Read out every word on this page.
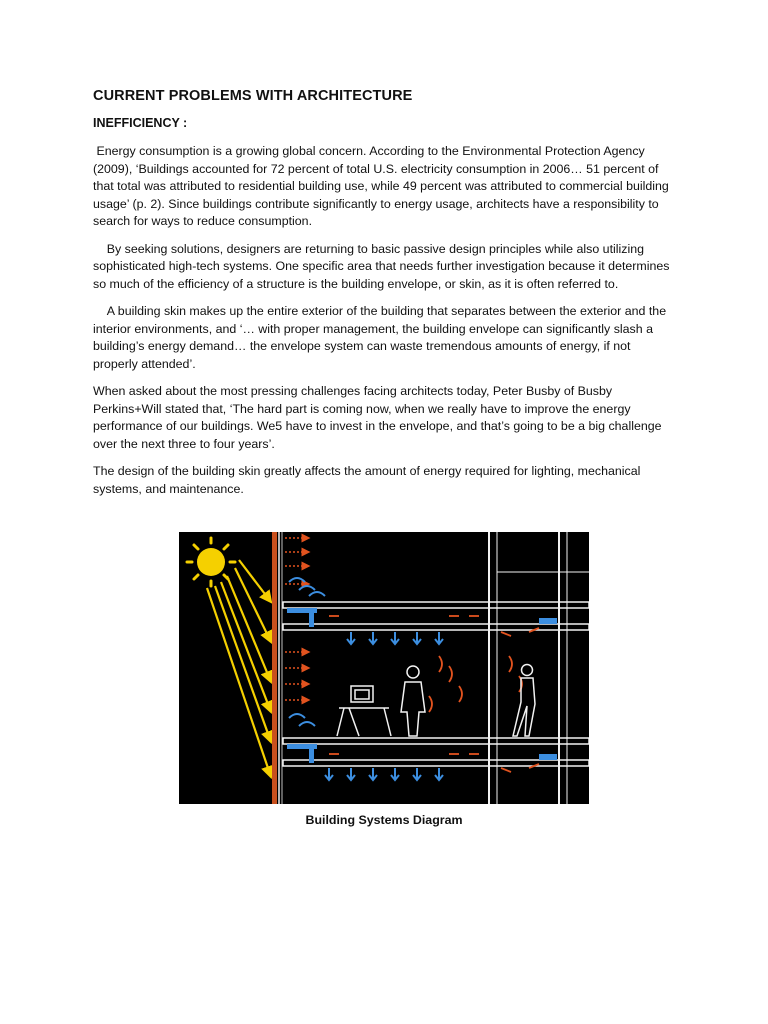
CURRENT PROBLEMS WITH ARCHITECTURE
INEFFICIENCY :

Energy consumption is a growing global concern. According to the Environmental Protection Agency (2009), ‘Buildings accounted for 72 percent of total U.S. electricity consumption in 2006… 51 percent of that total was attributed to residential building use, while 49 percent was attributed to commercial building usage’ (p. 2). Since buildings contribute significantly to energy usage, architects have a responsibility to search for ways to reduce consumption.

By seeking solutions, designers are returning to basic passive design principles while also utilizing sophisticated high-tech systems. One specific area that needs further investigation because it determines so much of the efficiency of a structure is the building envelope, or skin, as it is often referred to.

A building skin makes up the entire exterior of the building that separates between the exterior and the interior environments, and ‘… with proper management, the building envelope can significantly slash a building’s energy demand… the envelope system can waste tremendous amounts of energy, if not properly attended’.

When asked about the most pressing challenges facing architects today, Peter Busby of Busby Perkins+Will stated that, ‘The hard part is coming now, when we really have to improve the energy performance of our buildings. We5 have to invest in the envelope, and that’s going to be a big challenge over the next three to four years’.

The design of the building skin greatly affects the amount of energy required for lighting, mechanical systems, and maintenance.

Building Systems Diagram
